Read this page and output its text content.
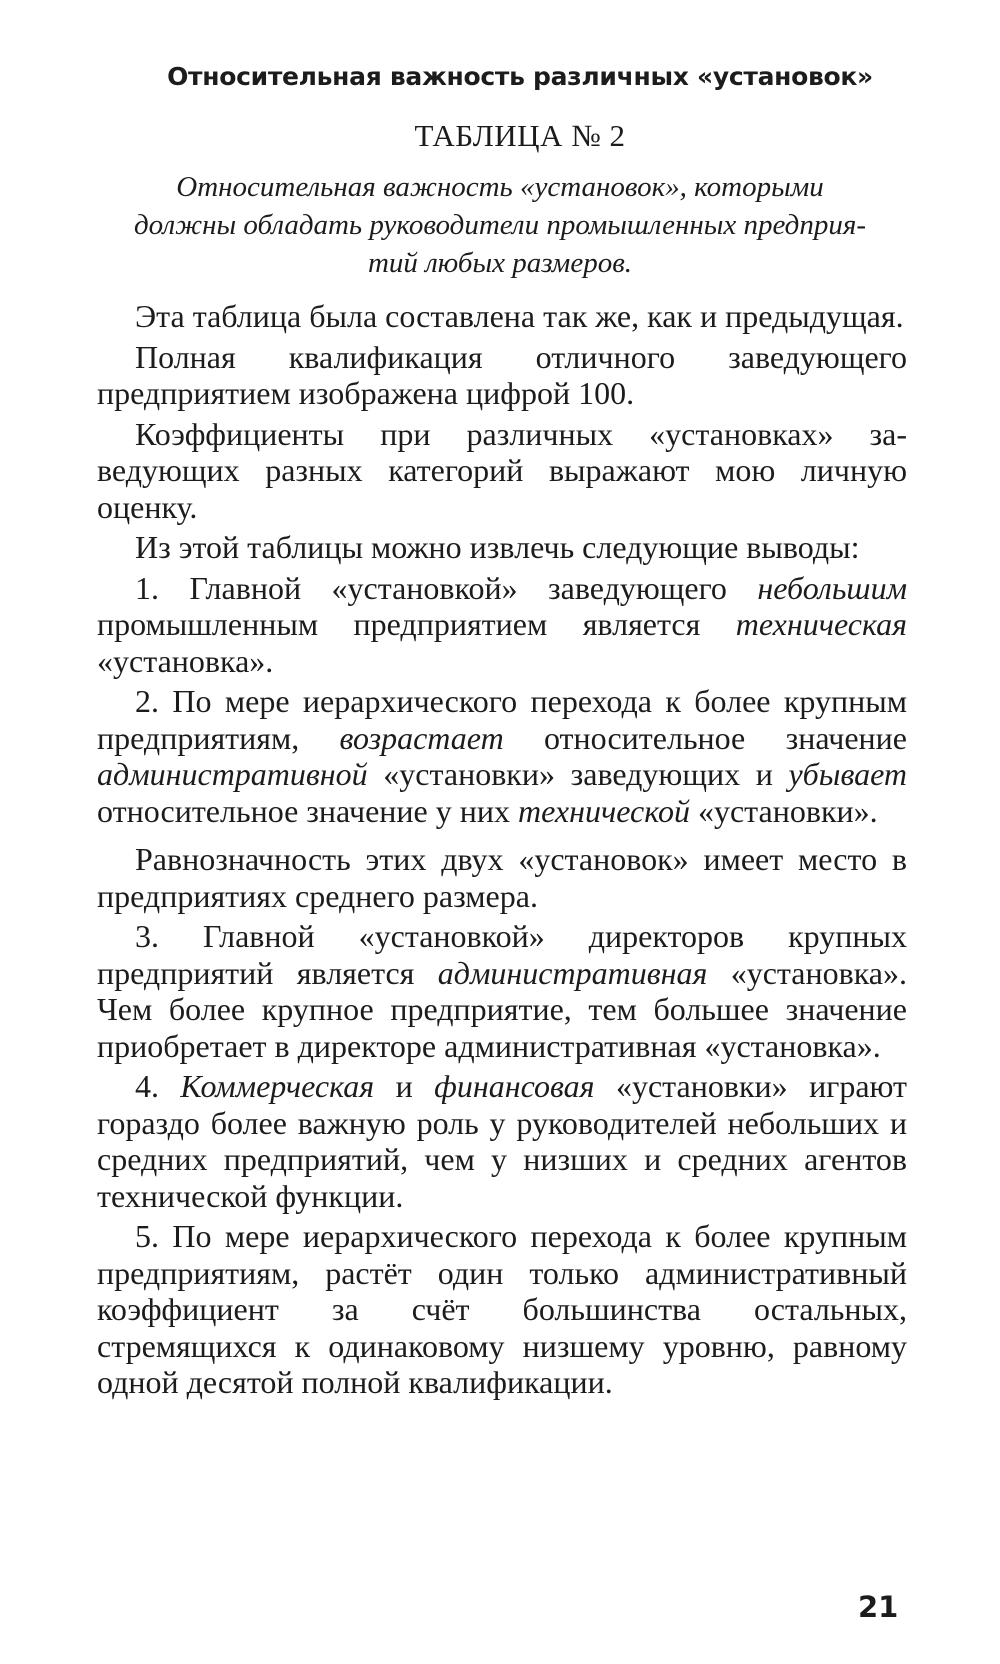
Относительная важность различных «установок»
ТАБЛИЦА № 2
Относительная важность «установок», которыми
должны обладать руководители промышленных предприя-
тий любых размеров.

Эта таблица была составлена так же, как и предыдущая.

Полная квалификация отличного заведующего предприятием изображена цифрой 100.

Коэффициенты при различных «установках» заведующих разных категорий выражают мою личную оценку.

Из этой таблицы можно извлечь следующие выводы:

1. Главной «установкой» заведующего небольшим промышленным предприятием является техническая «установка».

2. По мере иерархического перехода к более крупным предприятиям, возрастает относительное значение административной «установки» заведующих и убывает относительное значение у них технической «установки».

Равнозначность этих двух «установок» имеет место в предприятиях среднего размера.

3. Главной «установкой» директоров крупных предприятий является административная «установка». Чем более крупное предприятие, тем большее значение приобретает в директоре административная «установка».

4. Коммерческая и финансовая «установки» играют гораздо более важную роль у руководителей небольших и средних предприятий, чем у низших и средних агентов технической функции.

5. По мере иерархического перехода к более крупным предприятиям, растёт один только административный коэффициент за счёт большинства остальных, стремящихся к одинаковому низшему уровню, равному одной десятой полной квалификации.

21
